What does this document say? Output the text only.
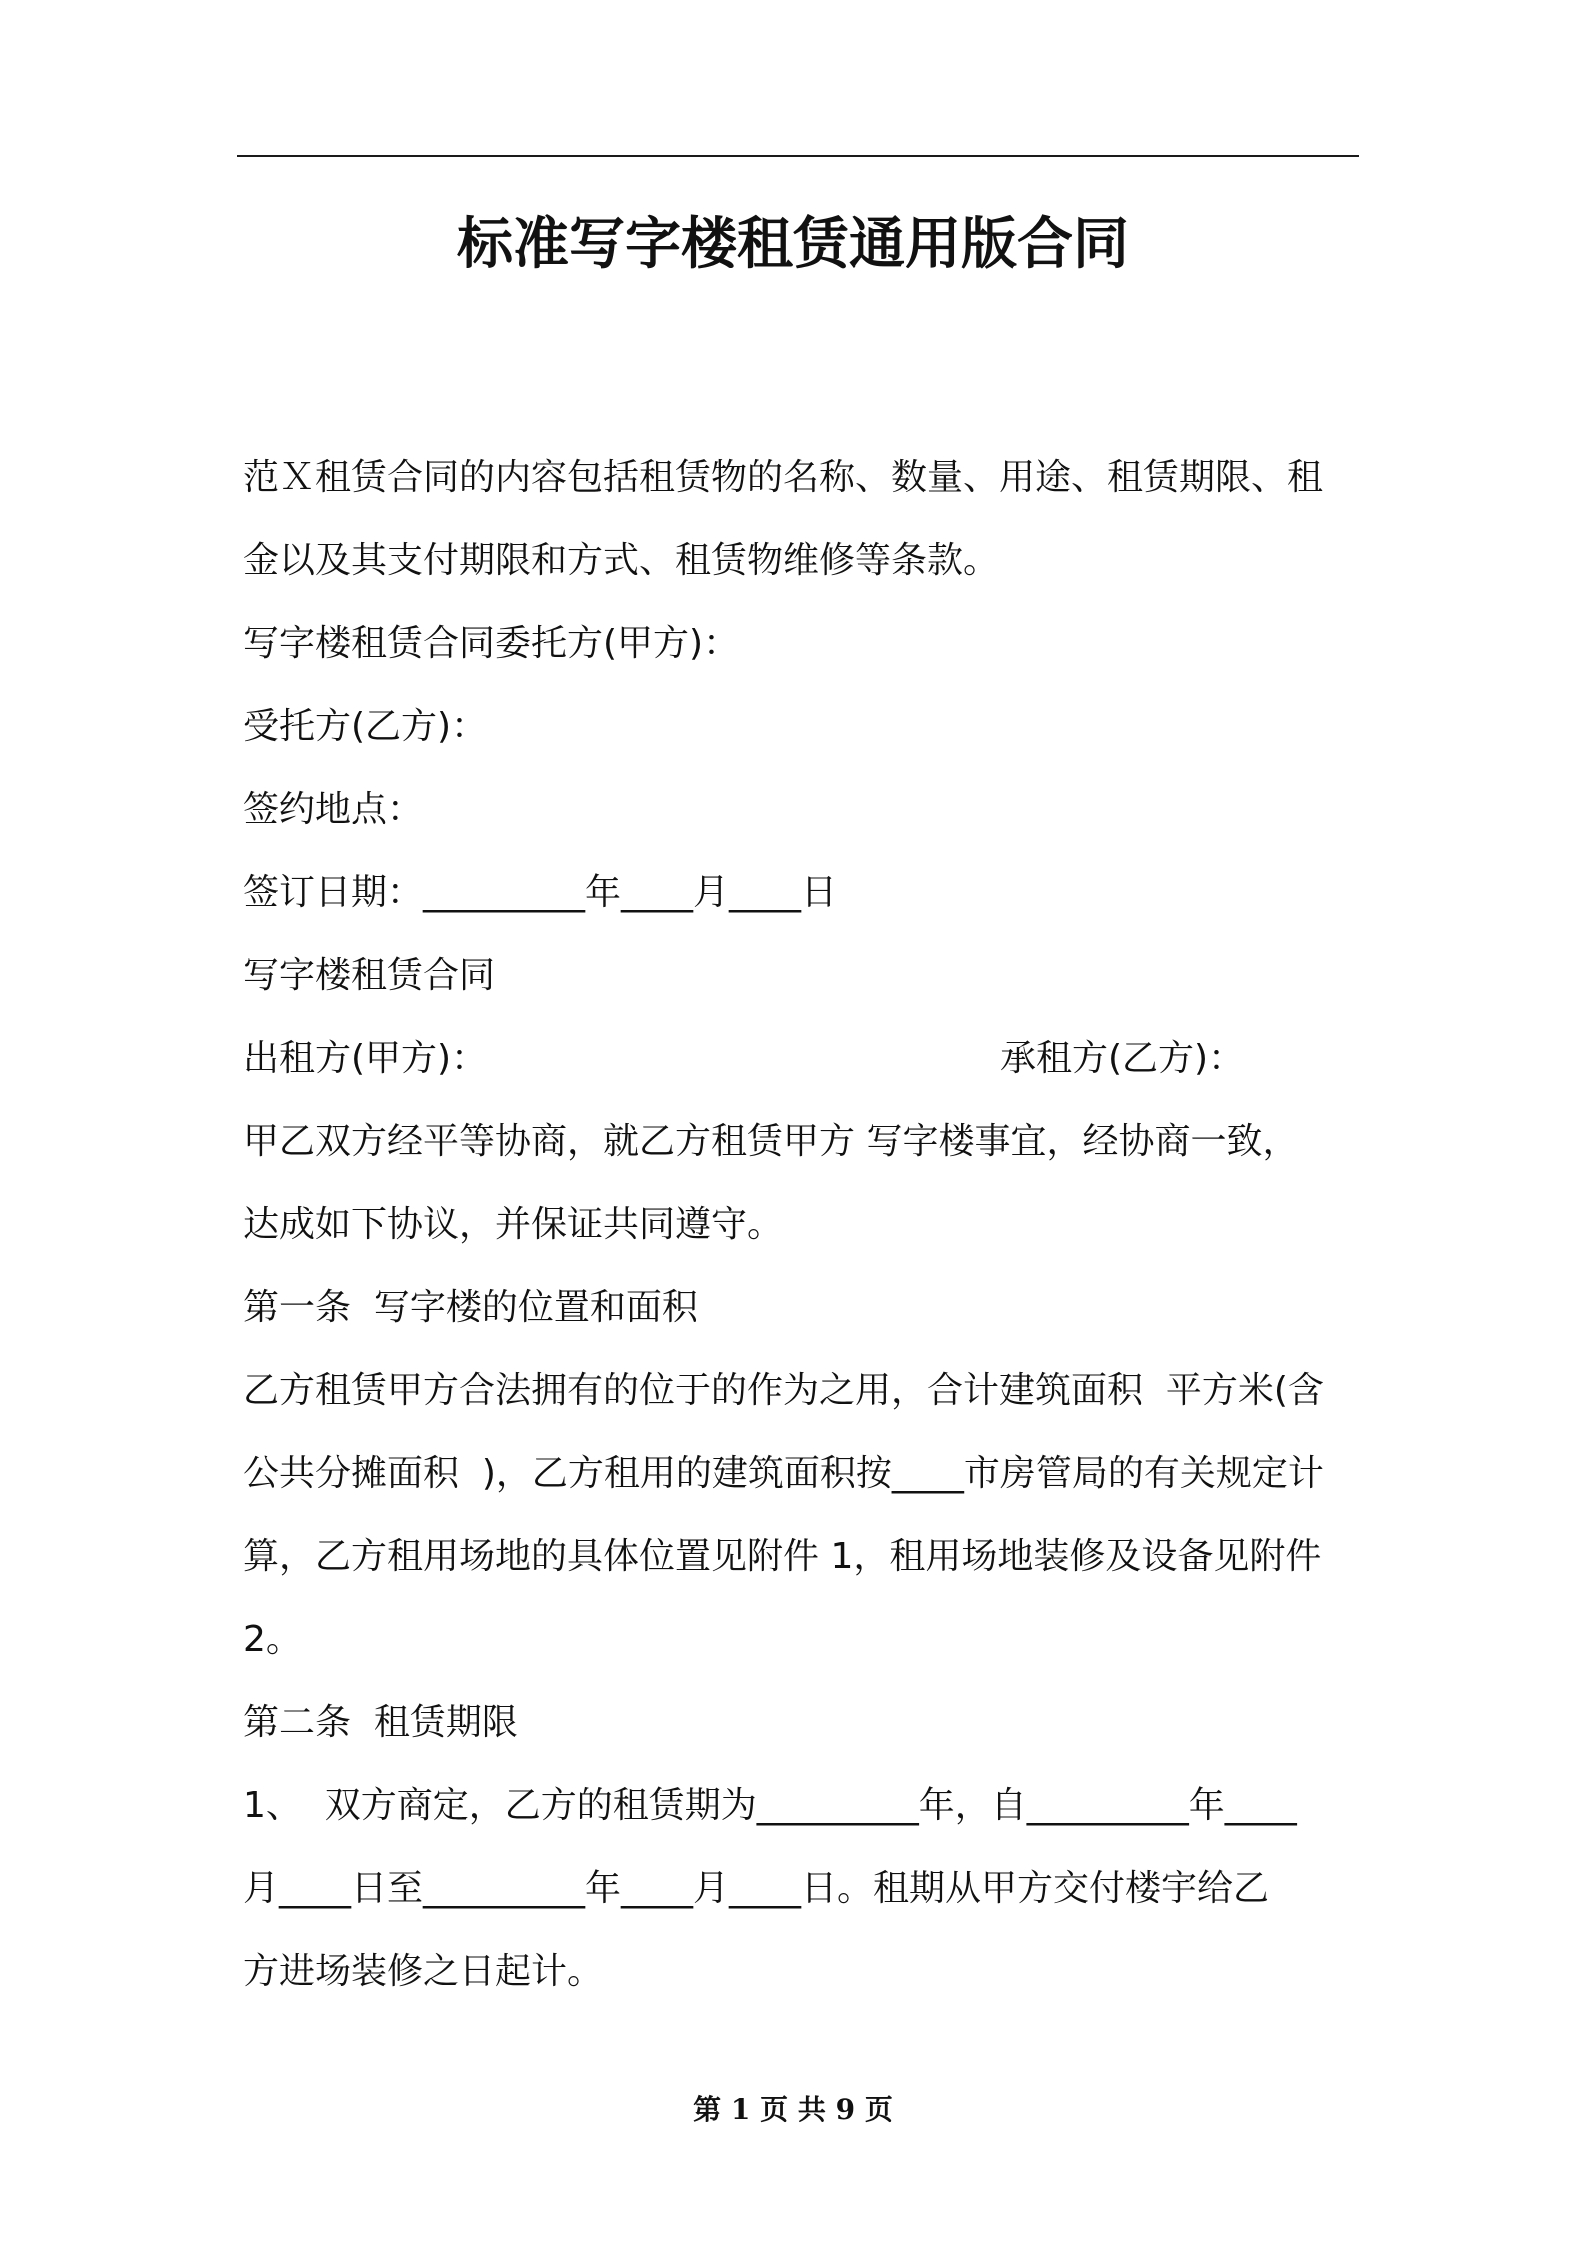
标准写字楼租赁通用版合同

范Ｘ租赁合同的内容包括租赁物的名称、数量、用途、租赁期限、租

金以及其支付期限和方式、租赁物维修等条款。

写字楼租赁合同委托方(甲方)：

受托方(乙方)：

签约地点：

签订日期：_________年____月____日

写字楼租赁合同

出租方(甲方)：	承租方(乙方)：

甲乙双方经平等协商，就乙方租赁甲方 写字楼事宜，经协商一致，

达成如下协议，并保证共同遵守。

第一条  写字楼的位置和面积

乙方租赁甲方合法拥有的位于的作为之用，合计建筑面积  平方米(含

公共分摊面积  )，乙方租用的建筑面积按____市房管局的有关规定计

算，乙方租用场地的具体位置见附件 1，租用场地装修及设备见附件

2。

第二条  租赁期限

1、  双方商定，乙方的租赁期为_________年，自_________年____

月____日至_________年____月____日。租期从甲方交付楼宇给乙

方进场装修之日起计。

第 1 页 共 9 页
